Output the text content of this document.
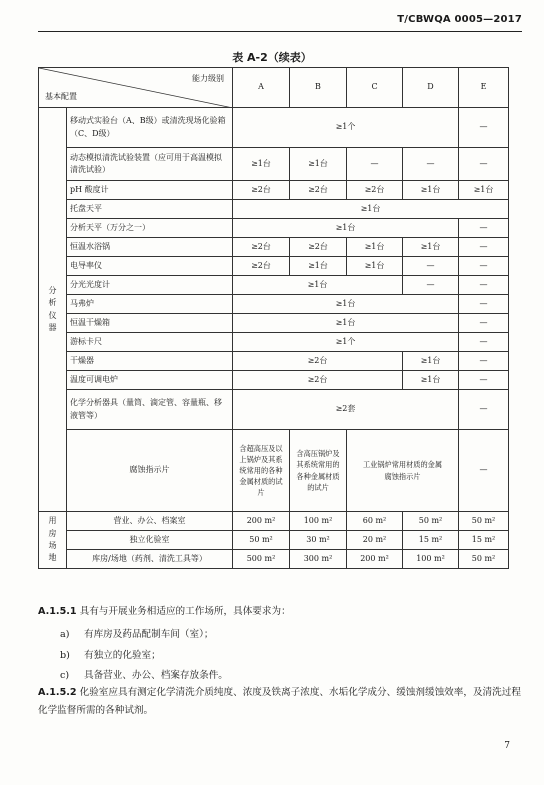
T/CBWQA 0005—2017
表 A-2（续表）
能力级别
基本配置		A	B	C	D	E
分析仪器	移动式实验台（A、B级）或清洗现场化验箱（C、D级）	≥1个				—
	动态模拟清洗试验装置（应可用于高温模拟清洗试验）	≥1台	≥1台	—	—	—
	pH 酸度计	≥2台	≥2台	≥2台	≥1台	≥1台
	托盘天平	≥1台				
	分析天平（万分之一）	≥1台				—
	恒温水浴锅	≥2台	≥2台	≥1台	≥1台	—
	电导率仪	≥2台	≥1台	≥1台	—	—
	分光光度计	≥1台			—	—
	马弗炉	≥1台				—
	恒温干燥箱	≥1台				—
	游标卡尺	≥1个				—
	干燥器	≥2台			≥1台	—
	温度可调电炉	≥2台			≥1台	—
	化学分析器具（量筒、滴定管、容量瓶、移液管等）	≥2套				—
	腐蚀指示片	含超高压及以上锅炉及其系统常用的各种金属材质的试片	含高压锅炉及其系统常用的各种金属材质的试片	工业锅炉常用材质的金属腐蚀指示片		—
用房场地	营业、办公、档案室	200 m²	100 m²	60 m²	50 m²	50 m²
	独立化验室	50 m²	30 m²	20 m²	15 m²	15 m²
	库房/场地（药剂、清洗工具等）	500 m²	300 m²	200 m²	100 m²	50 m²
A.1.5.1 具有与开展业务相适应的工作场所，具体要求为：
a) 有库房及药品配制车间（室）；
b) 有独立的化验室；
c) 具备营业、办公、档案存放条件。
A.1.5.2 化验室应具有测定化学清洗介质纯度、浓度及铁离子浓度、水垢化学成分、缓蚀剂缓蚀效率，及清洗过程化学监督所需的各种试剂。
7
